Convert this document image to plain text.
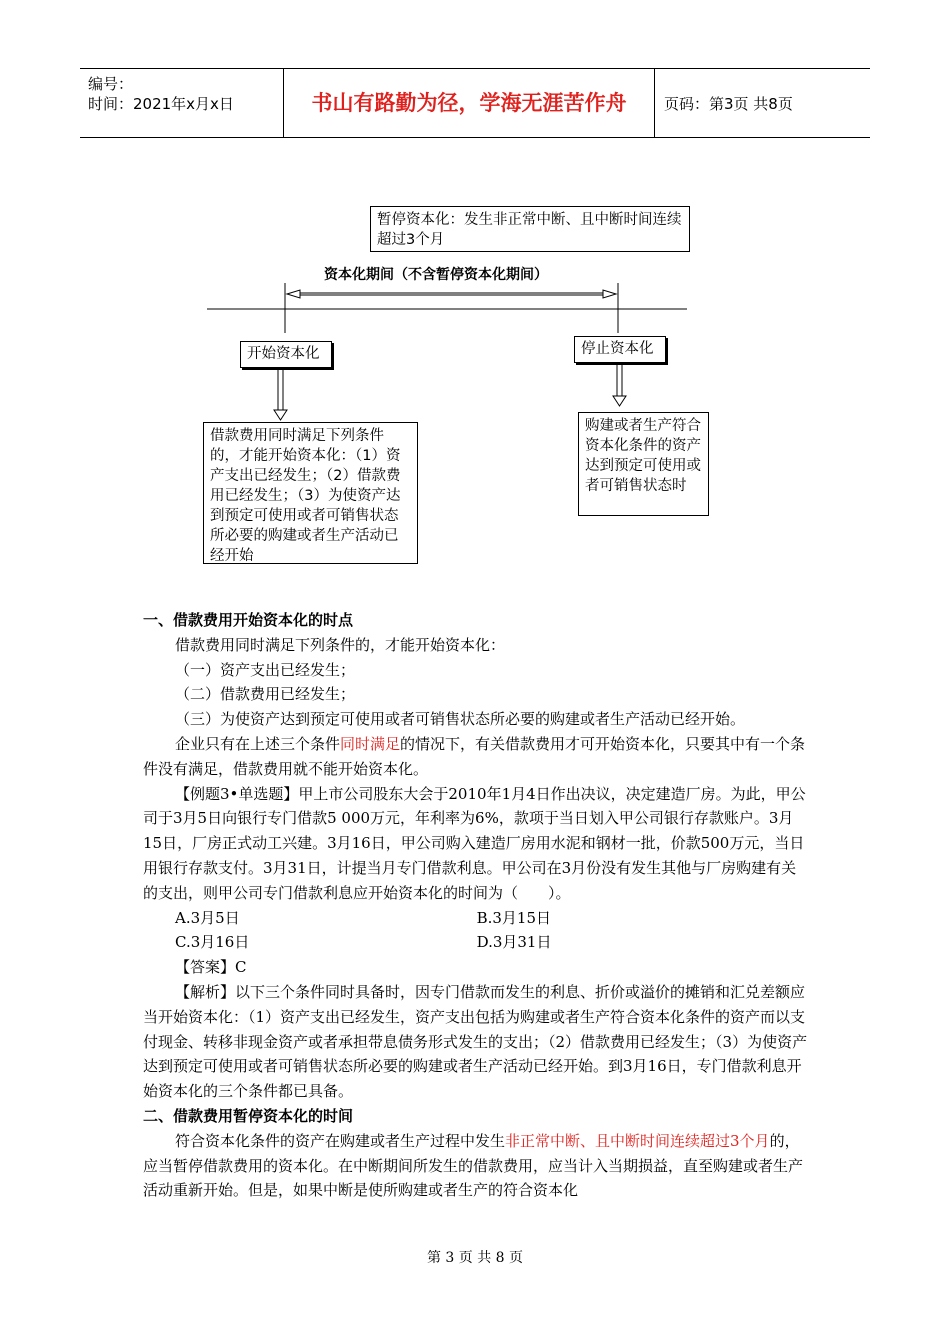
编号：
时间：2021年x月x日	书山有路勤为径，学海无涯苦作舟	页码：第3页 共8页
暂停资本化：发生非正常中断、且中断时间连续超过3个月
资本化期间（不含暂停资本化期间）
开始资本化	停止资本化
借款费用同时满足下列条件的，才能开始资本化：（1）资产支出已经发生；（2）借款费用已经发生；（3）为使资产达到预定可使用或者可销售状态所必要的购建或者生产活动已经开始
购建或者生产符合资本化条件的资产达到预定可使用或者可销售状态时

一、借款费用开始资本化的时点

借款费用同时满足下列条件的，才能开始资本化：

（一）资产支出已经发生；

（二）借款费用已经发生；

（三）为使资产达到预定可使用或者可销售状态所必要的购建或者生产活动已经开始。

企业只有在上述三个条件同时满足的情况下，有关借款费用才可开始资本化，只要其中有一个条件没有满足，借款费用就不能开始资本化。

【例题3•单选题】甲上市公司股东大会于2010年1月4日作出决议，决定建造厂房。为此，甲公司于3月5日向银行专门借款5 000万元，年利率为6%，款项于当日划入甲公司银行存款账户。3月15日，厂房正式动工兴建。3月16日，甲公司购入建造厂房用水泥和钢材一批，价款500万元，当日用银行存款支付。3月31日，计提当月专门借款利息。甲公司在3月份没有发生其他与厂房购建有关的支出，则甲公司专门借款利息应开始资本化的时间为（　　）。

A.3月5日	B.3月15日
C.3月16日	D.3月31日

【答案】C

【解析】以下三个条件同时具备时，因专门借款而发生的利息、折价或溢价的摊销和汇兑差额应当开始资本化：（1）资产支出已经发生，资产支出包括为购建或者生产符合资本化条件的资产而以支付现金、转移非现金资产或者承担带息债务形式发生的支出；（2）借款费用已经发生；（3）为使资产达到预定可使用或者可销售状态所必要的购建或者生产活动已经开始。到3月16日，专门借款利息开始资本化的三个条件都已具备。

二、借款费用暂停资本化的时间

符合资本化条件的资产在购建或者生产过程中发生非正常中断、且中断时间连续超过3个月的，应当暂停借款费用的资本化。在中断期间所发生的借款费用，应当计入当期损益，直至购建或者生产活动重新开始。但是，如果中断是使所购建或者生产的符合资本化

第 3 页 共 8 页
